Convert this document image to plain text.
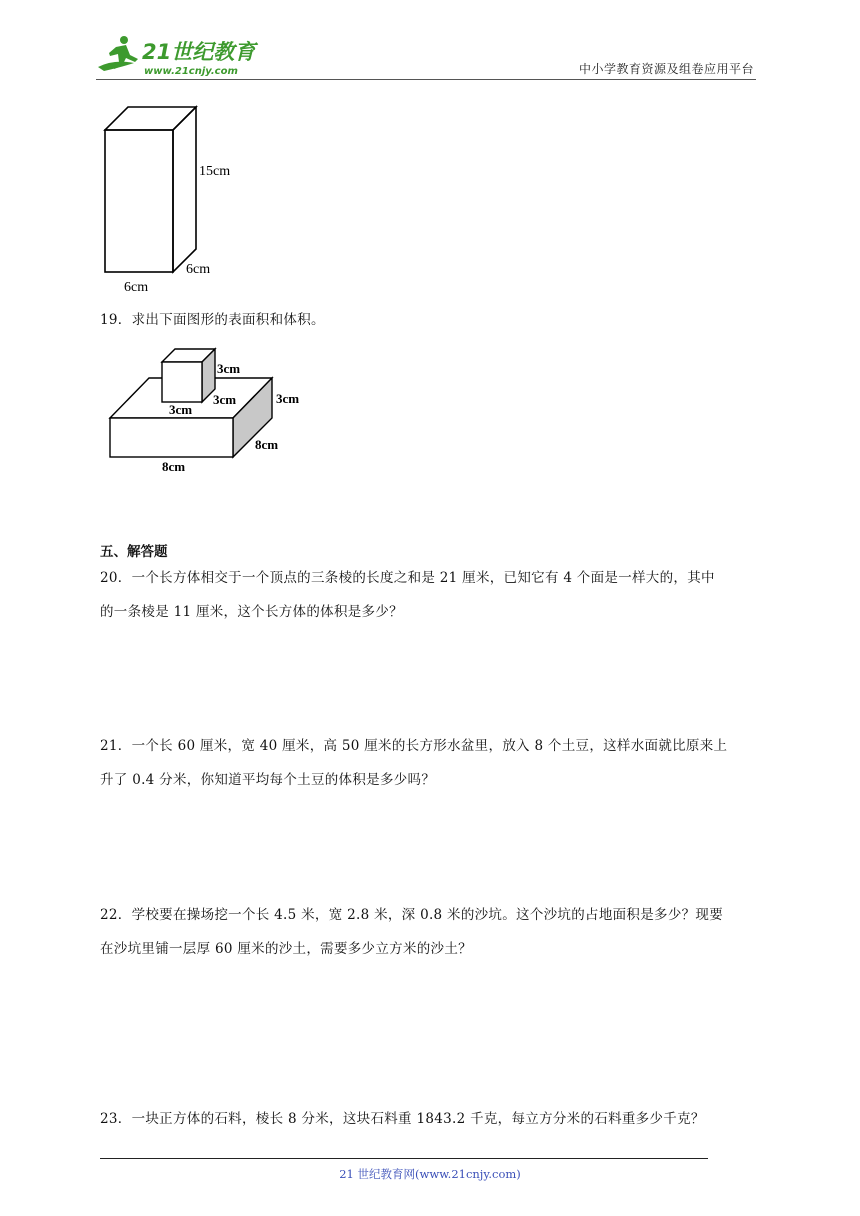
21世纪教育
www.21cnjy.com	中小学教育资源及组卷应用平台
15cm
6cm
6cm
19．求出下面图形的表面积和体积。
3cm
3cm
3cm
3cm
8cm
8cm
五、解答题
20．一个长方体相交于一个顶点的三条棱的长度之和是 21 厘米，已知它有 4 个面是一样大的，其中
的一条棱是 11 厘米，这个长方体的体积是多少？
21．一个长 60 厘米，宽 40 厘米，高 50 厘米的长方形水盆里，放入 8 个土豆，这样水面就比原来上
升了 0.4 分米，你知道平均每个土豆的体积是多少吗？
22．学校要在操场挖一个长 4.5 米，宽 2.8 米，深 0.8 米的沙坑。这个沙坑的占地面积是多少？现要
在沙坑里铺一层厚 60 厘米的沙土，需要多少立方米的沙土？
23．一块正方体的石料，棱长 8 分米，这块石料重 1843.2 千克，每立方分米的石料重多少千克？
21 世纪教育网(www.21cnjy.com)
